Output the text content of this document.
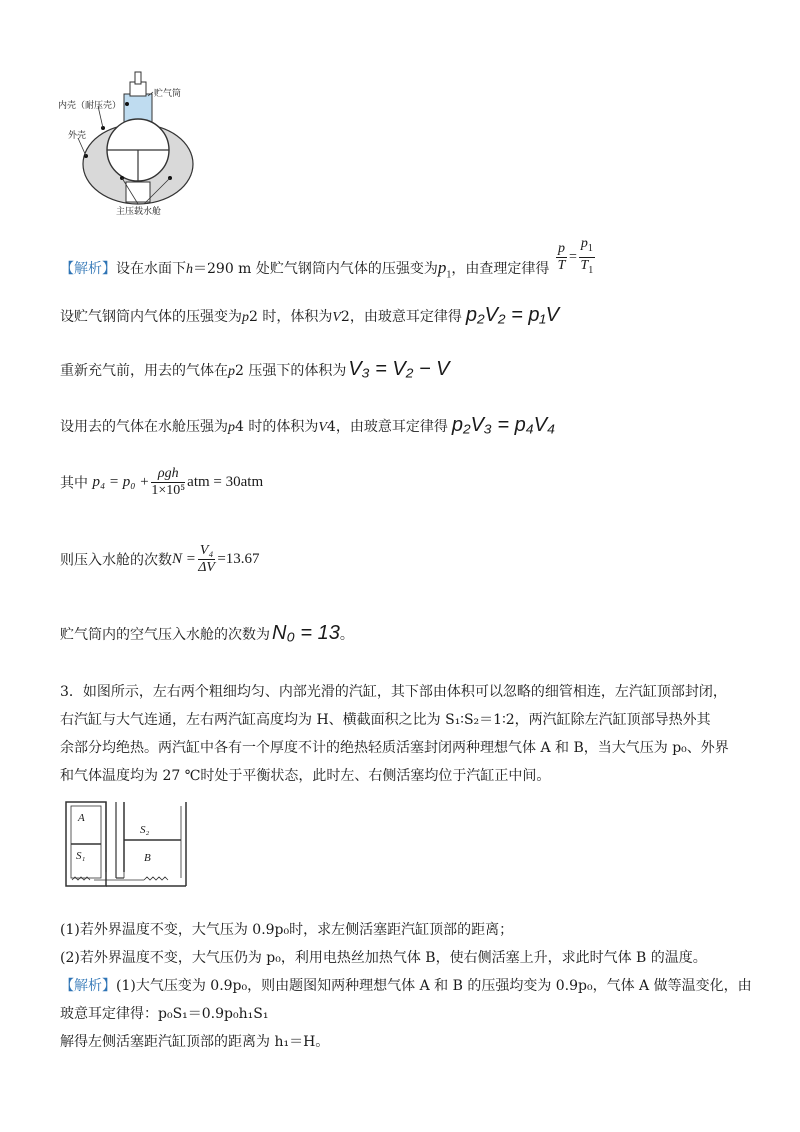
内壳（耐压壳）
贮气筒
外壳
主压载水舱
【解析】设在水面下h＝290 m 处贮气钢筒内气体的压强变为$p_1$，由查理定律得 $\frac{p}{T} = \frac{p_1}{T_1}$
设贮气钢筒内气体的压强变为p2 时，体积为V2，由玻意耳定律得 p₂V₂ = p₁V
重新充气前，用去的气体在p2 压强下的体积为 V₃ = V₂ − V
设用去的气体在水舱压强为p4 时的体积为V4，由玻意耳定律得 p₂V₃ = p₄V₄
其中 $p_4 = p_0 + \frac{\text{ρgh}}{\text{1×10⁵}}$ atm = 30atm
则压入水舱的次数$N = \frac{\text{V₄}}{\Delta V} =13.67$
贮气筒内的空气压入水舱的次数为 N₀ = 13。
3．如图所示，左右两个粗细均匀、内部光滑的汽缸，其下部由体积可以忽略的细管相连，左汽缸顶部封闭，
右汽缸与大气连通，左右两汽缸高度均为 H、横截面积之比为 S₁∶S₂＝1∶2，两汽缸除左汽缸顶部导热外其
余部分均绝热。两汽缸中各有一个厚度不计的绝热轻质活塞封闭两种理想气体 A 和 B，当大气压为 p₀、外界
和气体温度均为 27 ℃时处于平衡状态，此时左、右侧活塞均位于汽缸正中间。
A
S₁
S₂
B
(1)若外界温度不变，大气压为 0.9p₀时，求左侧活塞距汽缸顶部的距离；
(2)若外界温度不变，大气压仍为 p₀，利用电热丝加热气体 B，使右侧活塞上升，求此时气体 B 的温度。
【解析】(1)大气压变为 0.9p₀，则由题图知两种理想气体 A 和 B 的压强均变为 0.9p₀，气体 A 做等温变化，由
玻意耳定律得：p₀S₁＝0.9p₀h₁S₁
解得左侧活塞距汽缸顶部的距离为 h₁＝H。
